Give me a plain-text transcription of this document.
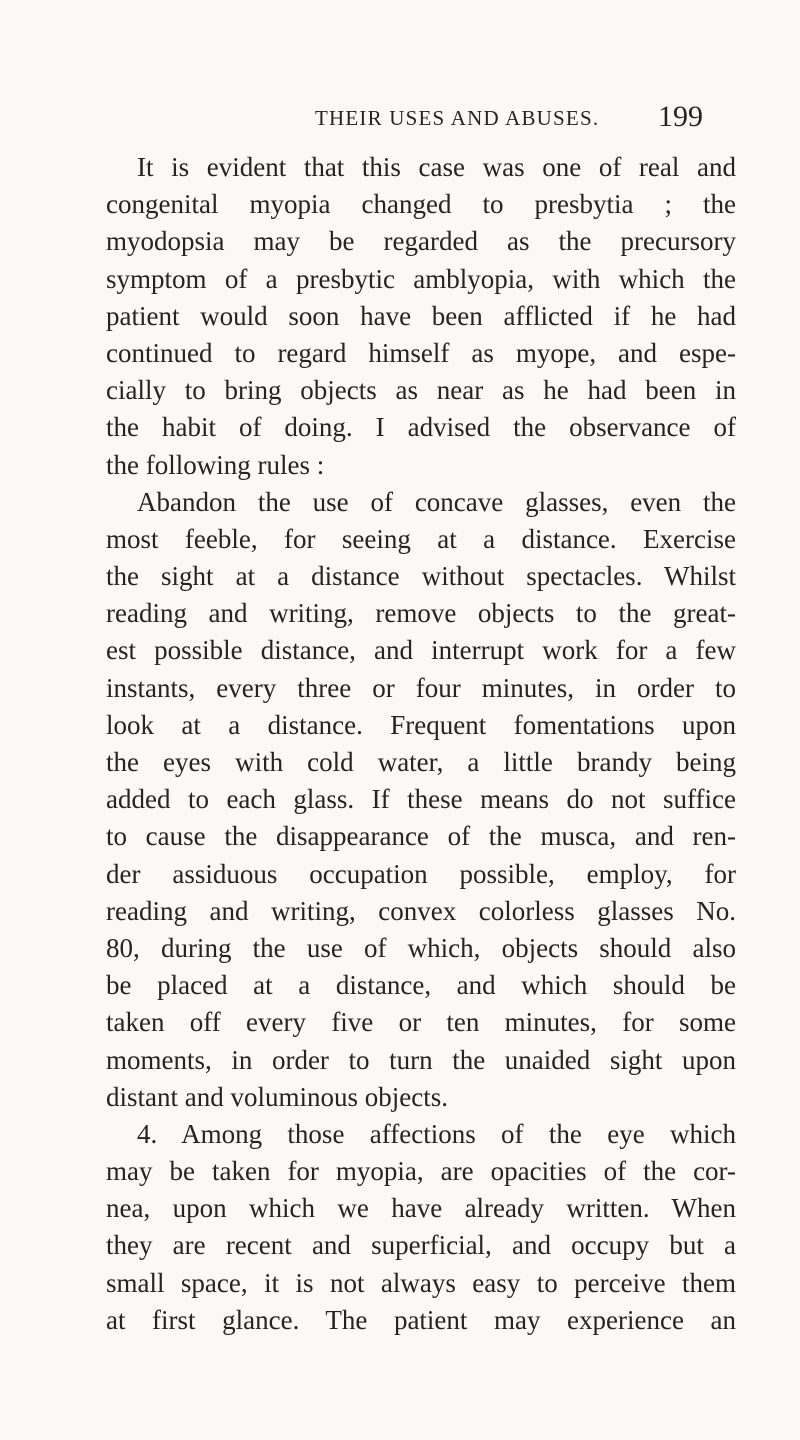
THEIR USES AND ABUSES. 199
It is evident that this case was one of real and
congenital myopia changed to presbytia ; the
myodopsia may be regarded as the precursory
symptom of a presbytic amblyopia, with which the
patient would soon have been afflicted if he had
continued to regard himself as myope, and espe-
cially to bring objects as near as he had been in
the habit of doing. I advised the observance of
the following rules :
Abandon the use of concave glasses, even the
most feeble, for seeing at a distance. Exercise
the sight at a distance without spectacles. Whilst
reading and writing, remove objects to the great-
est possible distance, and interrupt work for a few
instants, every three or four minutes, in order to
look at a distance. Frequent fomentations upon
the eyes with cold water, a little brandy being
added to each glass. If these means do not suffice
to cause the disappearance of the musca, and ren-
der assiduous occupation possible, employ, for
reading and writing, convex colorless glasses No.
80, during the use of which, objects should also
be placed at a distance, and which should be
taken off every five or ten minutes, for some
moments, in order to turn the unaided sight upon
distant and voluminous objects.
4. Among those affections of the eye which
may be taken for myopia, are opacities of the cor-
nea, upon which we have already written. When
they are recent and superficial, and occupy but a
small space, it is not always easy to perceive them
at first glance. The patient may experience an
